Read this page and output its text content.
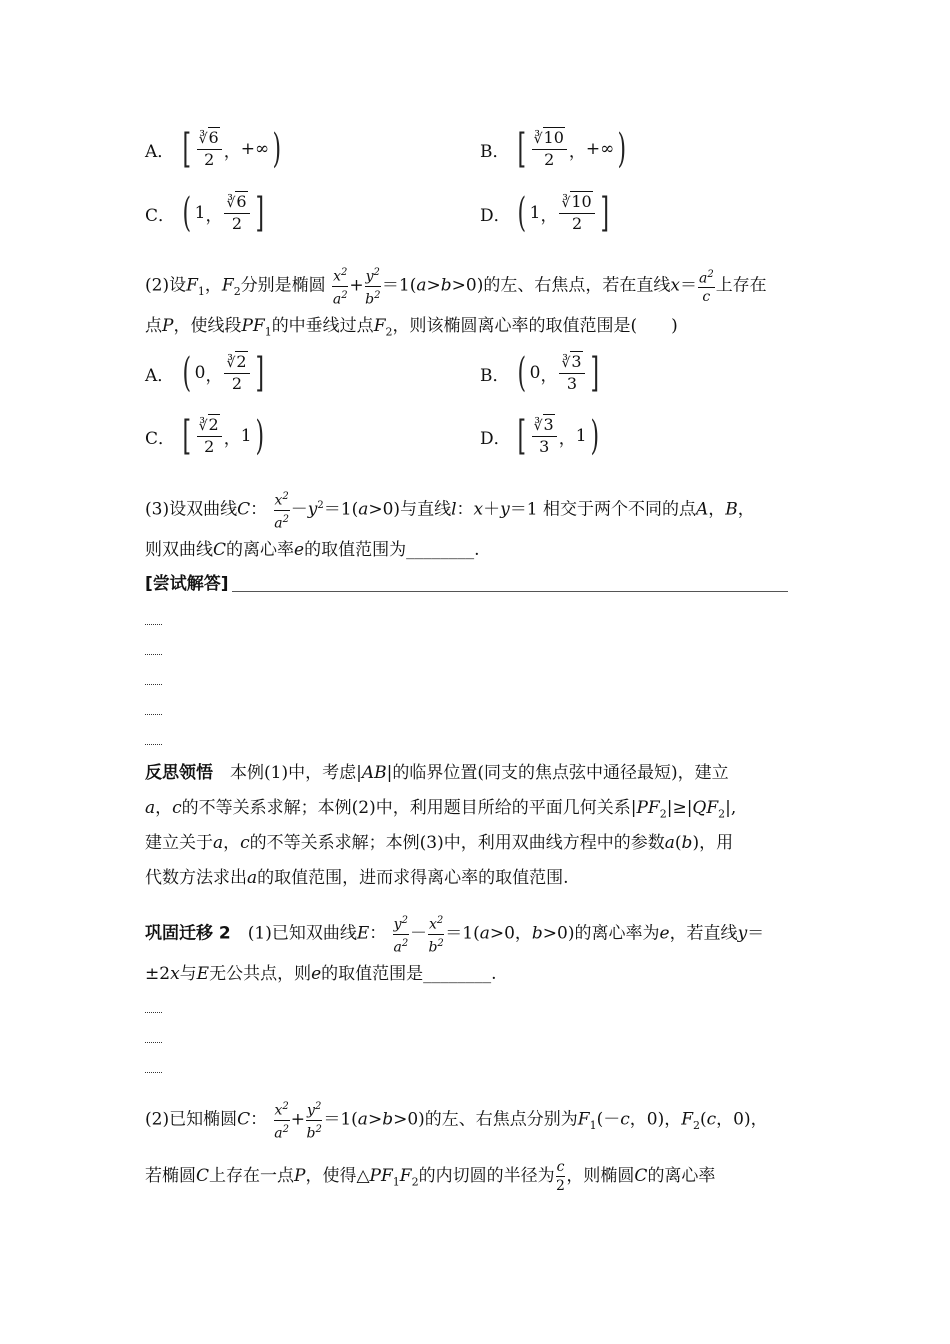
A． [ $\frac{∛6}{2}$ ， +∞ )	B． [ $\frac{∛10}{2}$ ， +∞ )
C． ( 1 ， $\frac{∛6}{2}$ ]	D． ( 1 ， $\frac{∛10}{2}$ ]
(2)设$F_1$，$F_2$分别是椭圆 $\frac{x^2}{a^2} + \frac{y^2}{b^2} =1(a>b>0)$的左、右焦点，若在直线$x= \frac{a^2}{c}$ 上存在
点P，使线段$PF_1$的中垂线过点$F_2$，则该椭圆离心率的取值范围是(　　)
A． ( 0 ， $\frac{∛2}{2}$ ]	B． ( 0 ， $\frac{∛3}{3}$ ]
C． [ $\frac{∛2}{2}$ ， 1 )	D． [ $\frac{∛3}{3}$ ， 1 )
(3)设双曲线C： $\frac{x^2}{a^2} -y^2=1(a>0)$与直线l：x＋y＝1 相交于两个不同的点A，B，
则双曲线C的离心率e的取值范围为________.
[尝试解答]
反思领悟　本例(1)中，考虑|AB|的临界位置(同支的焦点弦中通径最短)，建立
a，c的不等关系求解；本例(2)中，利用题目所给的平面几何关系$|PF_2|\ge|QF_2|$,
建立关于a，c的不等关系求解；本例(3)中，利用双曲线方程中的参数a(b)，用
代数方法求出a的取值范围，进而求得离心率的取值范围.
巩固迁移 2　(1)已知双曲线E： $\frac{y^2}{a^2} - \frac{x^2}{b^2} =1(a>0$，b>0)的离心率为e，若直线y＝
±2x与E无公共点，则e的取值范围是________.
(2)已知椭圆C： $\frac{x^2}{a^2} + \frac{y^2}{b^2} =1(a>b>0)$的左、右焦点分别为$F_1(-c$，0)，$F_2(c$，0)，
若椭圆C上存在一点P，使得$\triangle PF_1F_2$的内切圆的半径为 $\frac{c}{2}$ ，则椭圆C的离心率
